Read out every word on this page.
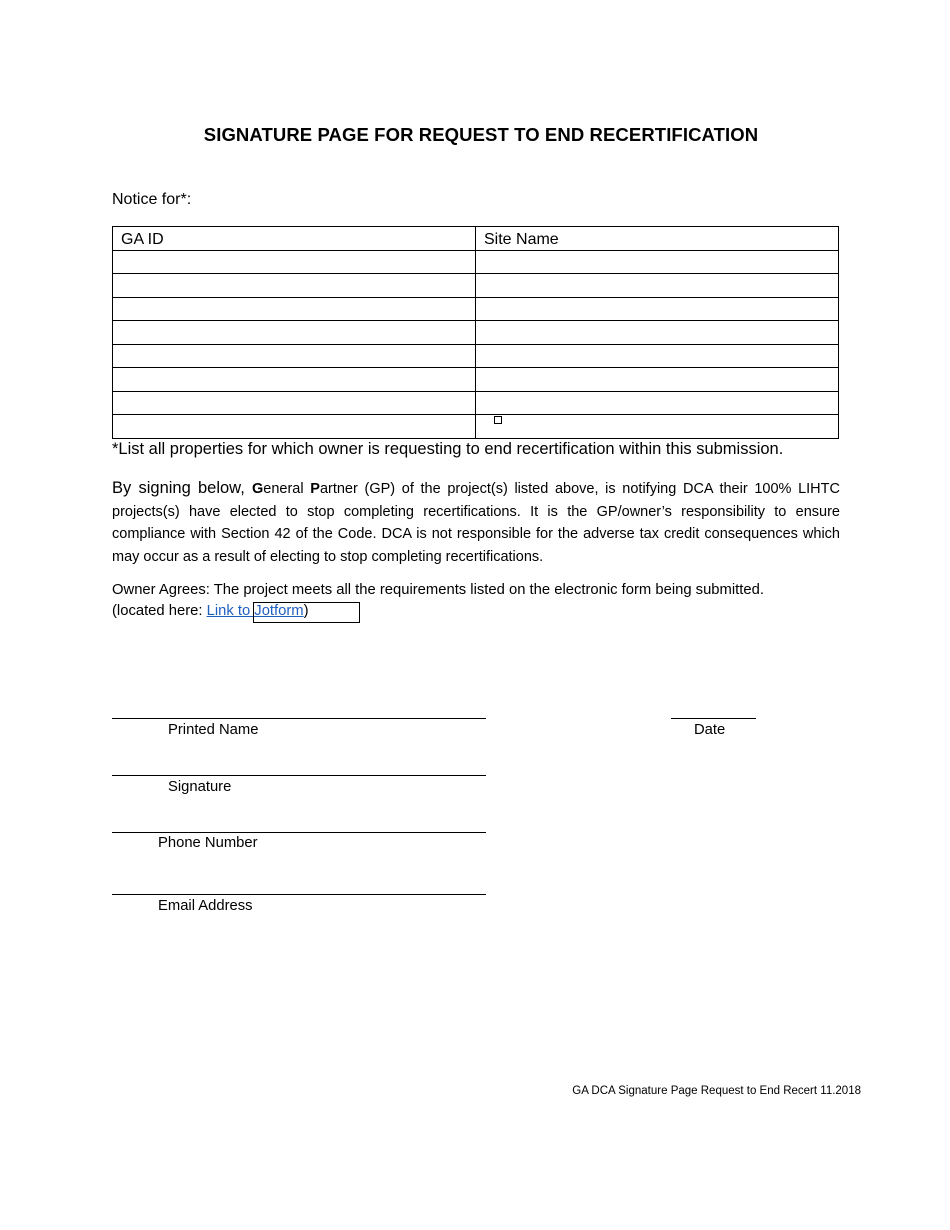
SIGNATURE PAGE FOR REQUEST TO END RECERTIFICATION
Notice for*:
GA ID	Site Name

*List all properties for which owner is requesting to end recertification within this submission.
By signing below, General Partner (GP) of the project(s) listed above, is notifying DCA their 100% LIHTC projects(s) have elected to stop completing recertifications. It is the GP/owner’s responsibility to ensure compliance with Section 42 of the Code. DCA is not responsible for the adverse tax credit consequences which may occur as a result of electing to stop completing recertifications.
Owner Agrees: The project meets all the requirements listed on the electronic form being submitted.
(located here: Link to Jotform)
Printed Name	Date
Signature
Phone Number
Email Address
GA DCA Signature Page Request to End Recert 11.2018
